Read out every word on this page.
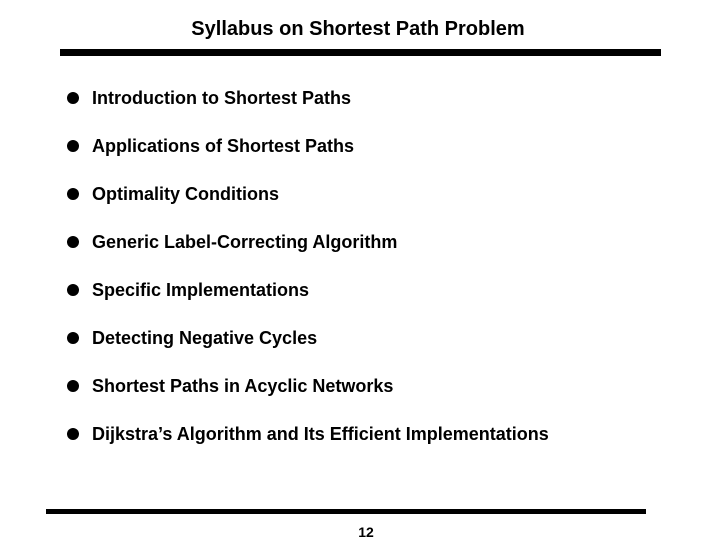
Syllabus on Shortest Path Problem
Introduction to Shortest Paths
Applications of Shortest Paths
Optimality Conditions
Generic Label-Correcting Algorithm
Specific Implementations
Detecting Negative Cycles
Shortest Paths in Acyclic Networks
Dijkstra’s Algorithm and Its Efficient Implementations
12
